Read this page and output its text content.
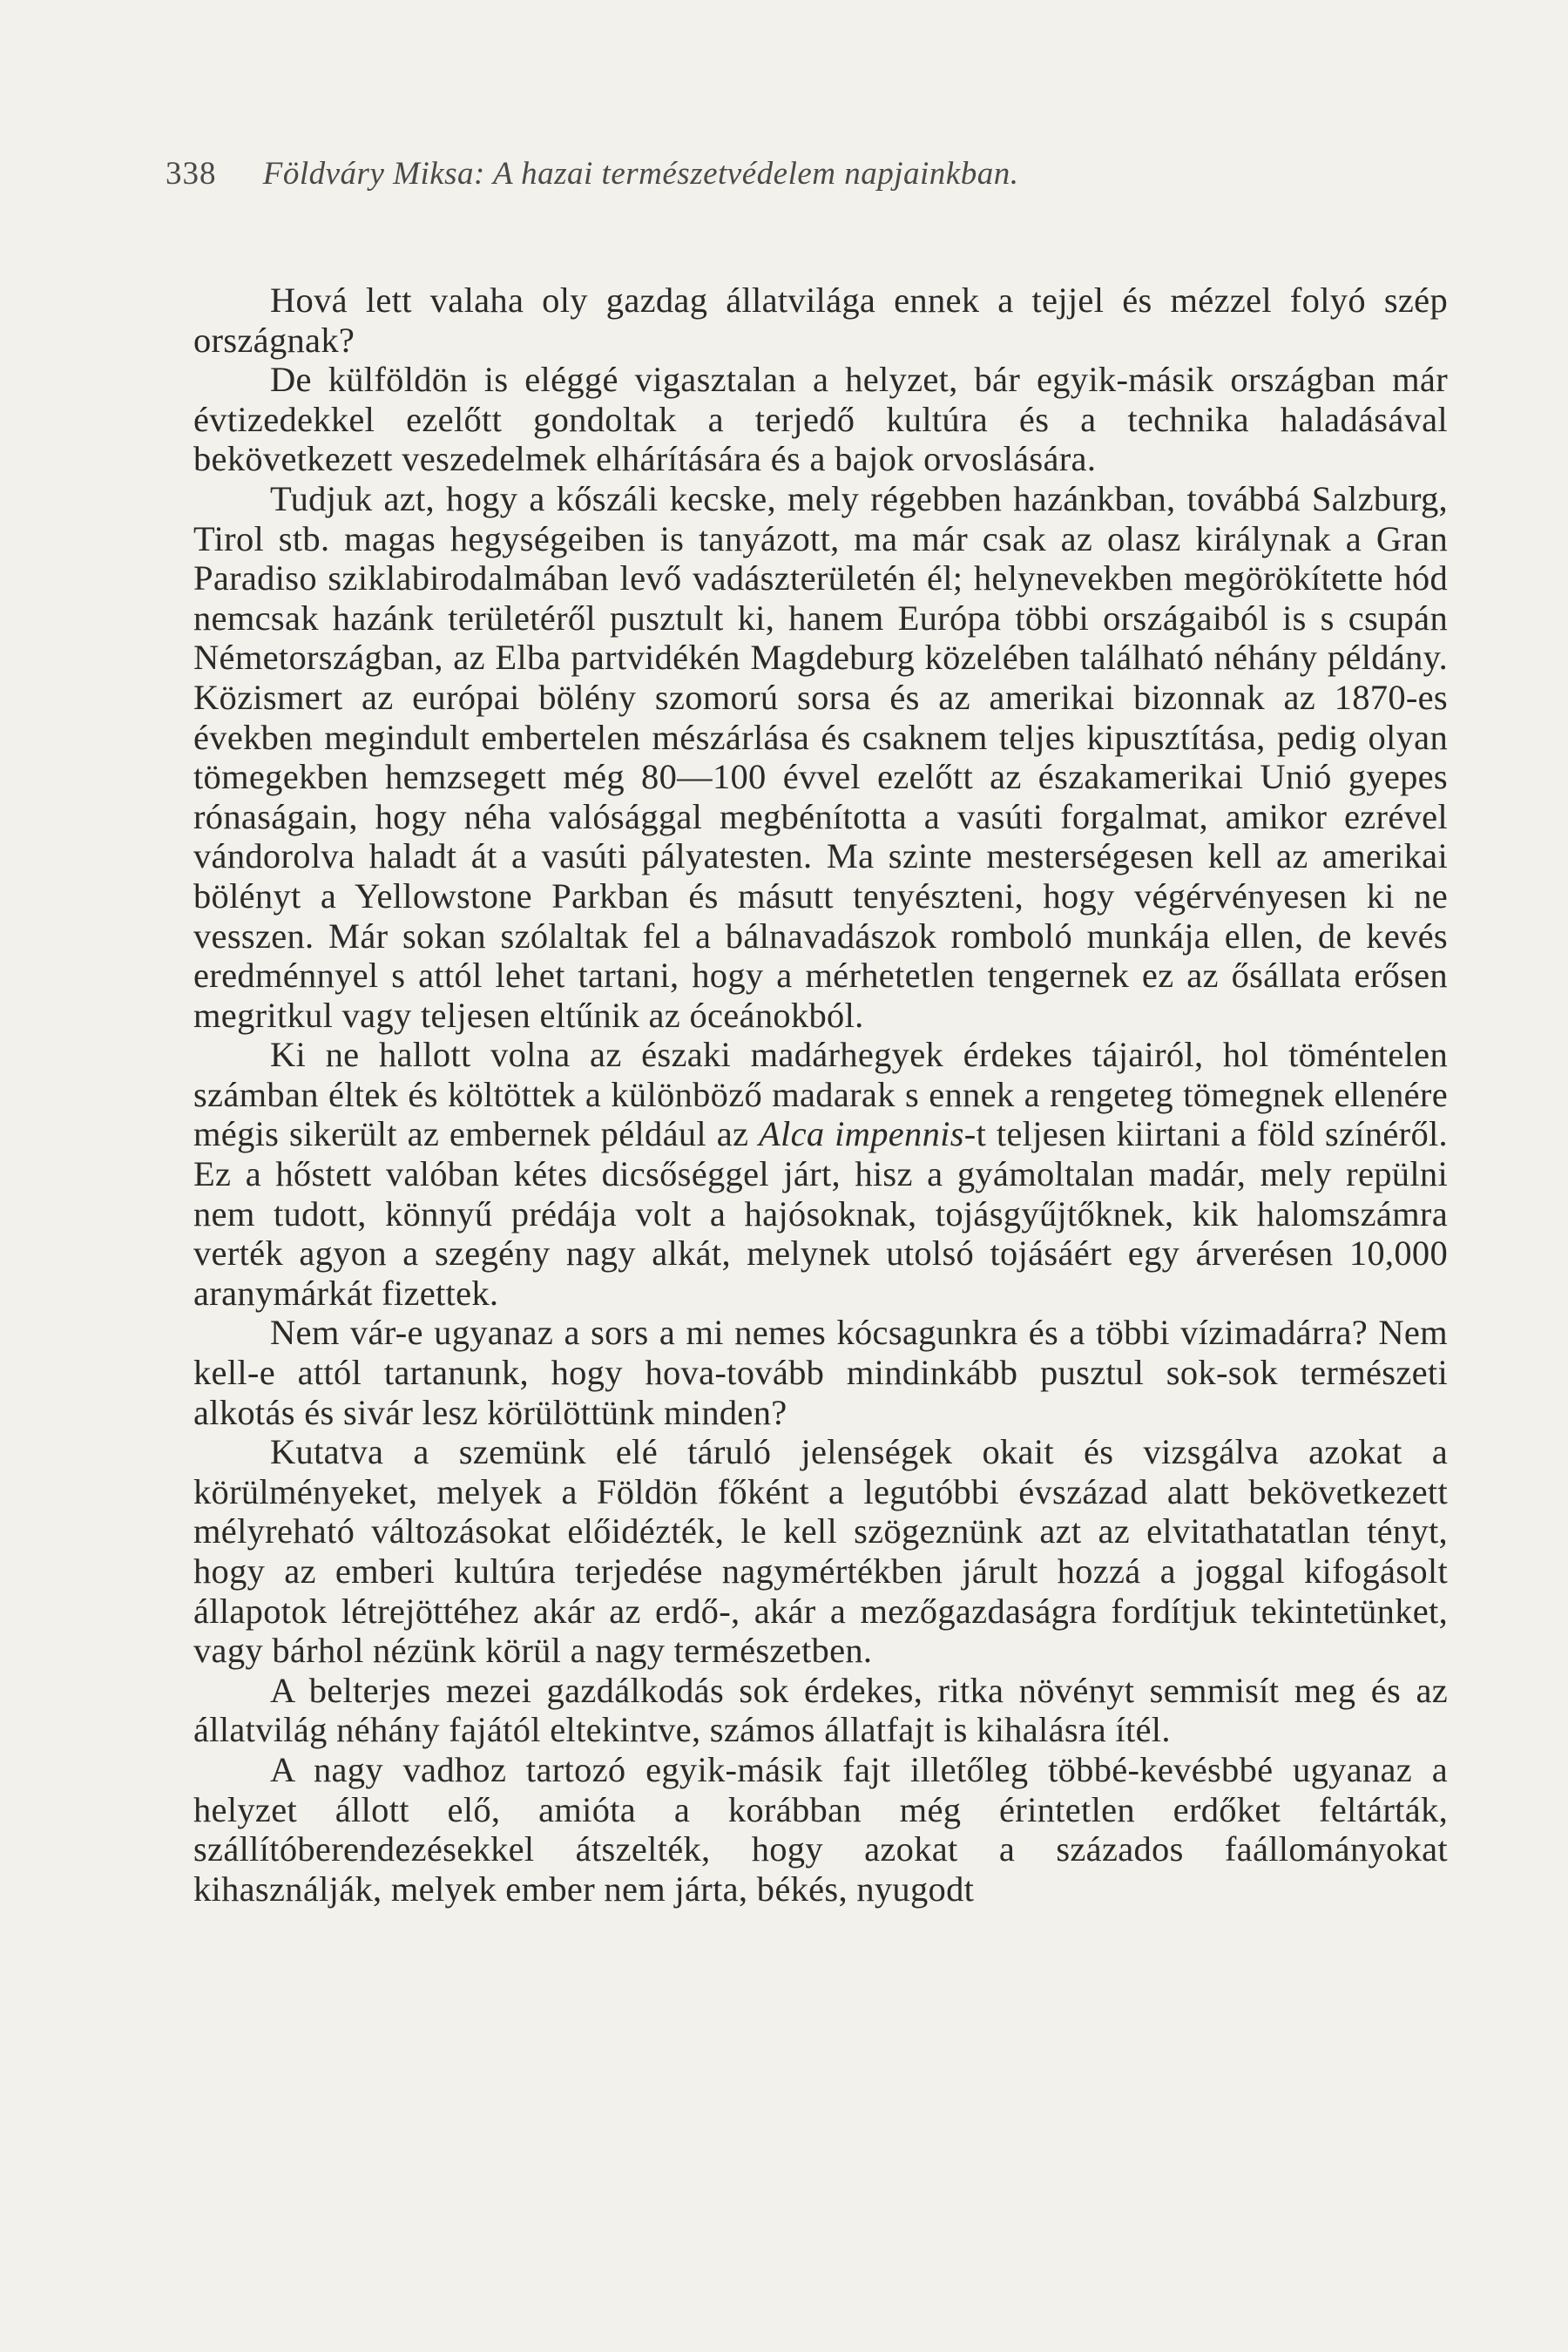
338 Földváry Miksa: A hazai természetvédelem napjainkban.

Hová lett valaha oly gazdag állatvilága ennek a tejjel és mézzel folyó szép országnak?

De külföldön is eléggé vigasztalan a helyzet, bár egyik-másik országban már évtizedekkel ezelőtt gondoltak a terjedő kultúra és a technika haladásával bekövetkezett veszedelmek elhárítására és a bajok orvoslására.

Tudjuk azt, hogy a kőszáli kecske, mely régebben hazánkban, továbbá Salzburg, Tirol stb. magas hegységeiben is tanyázott, ma már csak az olasz királynak a Gran Paradiso sziklabirodalmában levő vadászterületén él; helynevekben megörökítette hód nemcsak hazánk területéről pusztult ki, hanem Európa többi országaiból is s csupán Németországban, az Elba partvidékén Magdeburg közelében található néhány példány. Közismert az európai bölény szomorú sorsa és az amerikai bizonnak az 1870-es években megindult embertelen mészárlása és csaknem teljes kipusztítása, pedig olyan tömegekben hemzsegett még 80—100 évvel ezelőtt az északamerikai Unió gyepes rónaságain, hogy néha valósággal megbénította a vasúti forgalmat, amikor ezrével vándorolva haladt át a vasúti pályatesten. Ma szinte mesterségesen kell az amerikai bölényt a Yellowstone Parkban és másutt tenyészteni, hogy végérvényesen ki ne vesszen. Már sokan szólaltak fel a bálnavadászok romboló munkája ellen, de kevés eredménnyel s attól lehet tartani, hogy a mérhetetlen tengernek ez az ősállata erősen megritkul vagy teljesen eltűnik az óceánokból.

Ki ne hallott volna az északi madárhegyek érdekes tájairól, hol töméntelen számban éltek és költöttek a különböző madarak s ennek a rengeteg tömegnek ellenére mégis sikerült az embernek például az Alca impennis-t teljesen kiirtani a föld színéről. Ez a hőstett valóban kétes dicsőséggel járt, hisz a gyámoltalan madár, mely repülni nem tudott, könnyű prédája volt a hajósoknak, tojásgyűjtőknek, kik halomszámra verték agyon a szegény nagy alkát, melynek utolsó tojásáért egy árverésen 10,000 aranymárkát fizettek.

Nem vár-e ugyanaz a sors a mi nemes kócsagunkra és a többi vízimadárra? Nem kell-e attól tartanunk, hogy hova-tovább mindinkább pusztul sok-sok természeti alkotás és sivár lesz körülöttünk minden?

Kutatva a szemünk elé táruló jelenségek okait és vizsgálva azokat a körülményeket, melyek a Földön főként a legutóbbi évszázad alatt bekövetkezett mélyreható változásokat előidézték, le kell szögeznünk azt az elvitathatatlan tényt, hogy az emberi kultúra terjedése nagymértékben járult hozzá a joggal kifogásolt állapotok létrejöttéhez akár az erdő-, akár a mezőgazdaságra fordítjuk tekintetünket, vagy bárhol nézünk körül a nagy természetben.

A belterjes mezei gazdálkodás sok érdekes, ritka növényt semmisít meg és az állatvilág néhány fajától eltekintve, számos állatfajt is kihalásra ítél.

A nagy vadhoz tartozó egyik-másik fajt illetőleg többé-kevésbbé ugyanaz a helyzet állott elő, amióta a korábban még érintetlen erdőket feltárták, szállítóberendezésekkel átszelték, hogy azokat a százados faállományokat kihasználják, melyek ember nem járta, békés, nyugodt
